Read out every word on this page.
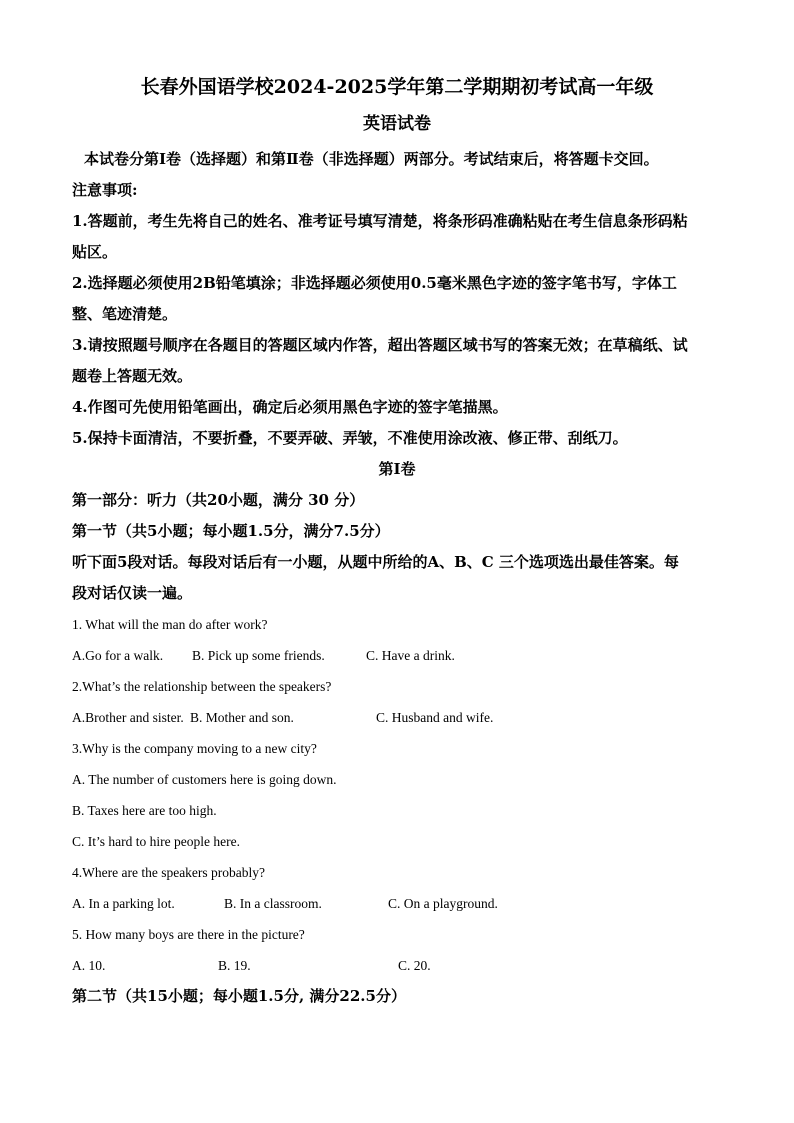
长春外国语学校2024-2025学年第二学期期初考试高一年级
英语试卷
本试卷分第Ⅰ卷（选择题）和第Ⅱ卷（非选择题）两部分。考试结束后，将答题卡交回。
注意事项:
1.答题前，考生先将自己的姓名、准考证号填写清楚，将条形码准确粘贴在考生信息条形码粘
贴区。
2.选择题必须使用2B铅笔填涂；非选择题必须使用0.5毫米黑色字迹的签字笔书写，字体工
整、笔迹清楚。
3.请按照题号顺序在各题目的答题区域内作答，超出答题区域书写的答案无效；在草稿纸、试
题卷上答题无效。
4.作图可先使用铅笔画出，确定后必须用黑色字迹的签字笔描黑。
5.保持卡面清洁，不要折叠，不要弄破、弄皱，不准使用涂改液、修正带、刮纸刀。
第Ⅰ卷
第一部分：听力（共20小题，满分 30 分）
第一节（共5小题；每小题1.5分，满分7.5分）
听下面5段对话。每段对话后有一小题，从题中所给的A、B、C 三个选项选出最佳答案。每
段对话仅读一遍。
1. What will the man do after work?
A.Go for a walk.	B. Pick up some friends.	C. Have a drink.
2.What’s the relationship between the speakers?
A.Brother and sister. B. Mother and son.	C. Husband and wife.
3.Why is the company moving to a new city?
A. The number of customers here is going down.
B. Taxes here are too high.
C. It’s hard to hire people here.
4.Where are the speakers probably?
A. In a parking lot.	B. In a classroom.	C. On a playground.
5. How many boys are there in the picture?
A. 10.	B. 19.	C. 20.
第二节（共15小题；每小题1.5分, 满分22.5分）
